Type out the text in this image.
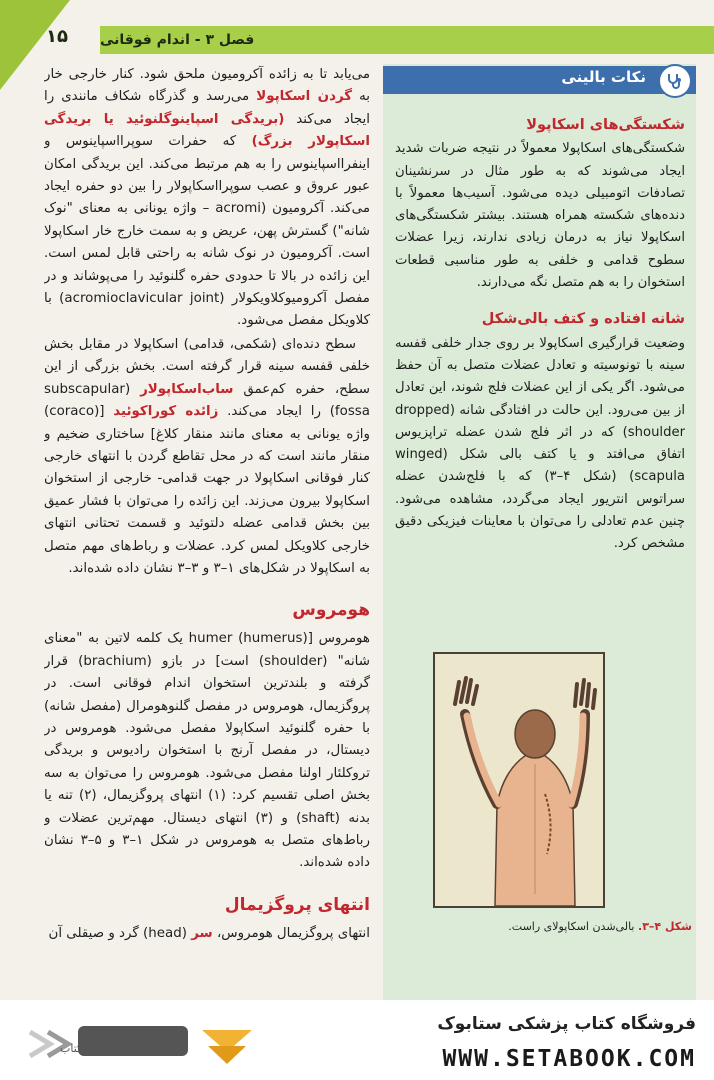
فصل ۳ - اندام فوقانی
۱۵

می‌یابد تا به زائده آکرومیون ملحق شود. کنار خارجی خار به گردن اسکاپولا می‌رسد و گذرگاه شکاف مانندی را ایجاد می‌کند (بریدگی اسپاینوگلنوئید یا بریدگی اسکاپولار بزرگ) که حفرات سوپرااسپاینوس و اینفرااسپاینوس را به هم مرتبط می‌کند. این بریدگی امکان عبور عروق و عصب سوپرااسکاپولار را بین دو حفره ایجاد می‌کند. آکرومیون (acromi – واژه یونانی به معنای "نوک شانه") گسترش پهن، عریض و به سمت خارج خار اسکاپولا است. آکرومیون در نوک شانه به راحتی قابل لمس است. این زائده در بالا تا حدودی حفره گلنوئید را می‌پوشاند و در مفصل آکرومیوکلاویکولار (acromioclavicular joint) با کلاویکل مفصل می‌شود.

سطح دنده‌ای (شکمی، قدامی) اسکاپولا در مقابل بخش خلفی قفسه سینه قرار گرفته است. بخش بزرگی از این سطح، حفره کم‌عمق ساب‌اسکاپولار (subscapular fossa) را ایجاد می‌کند. زائده کوراکوئید [(coraco) واژه یونانی به معنای مانند منقار کلاغ] ساختاری ضخیم و منقار مانند است که در محل تقاطع گردن با انتهای خارجی کنار فوقانی اسکاپولا در جهت قدامی- خارجی از استخوان اسکاپولا بیرون می‌زند. این زائده را می‌توان با فشار عمیق بین بخش قدامی عضله دلتوئید و قسمت تحتانی انتهای خارجی کلاویکل لمس کرد. عضلات و رباط‌های مهم متصل به اسکاپولا در شکل‌های ۱–۳ و ۳–۳ نشان داده شده‌اند.

هومروس

هومروس [humer (humerus) یک کلمه لاتین به "معنای شانه" (shoulder) است] در بازو (brachium) قرار گرفته و بلندترین استخوان اندام فوقانی است. در پروگزیمال، هومروس در مفصل گلنوهومرال (مفصل شانه) با حفره گلنوئید اسکاپولا مفصل می‌شود. هومروس در دیستال، در مفصل آرنج با استخوان رادیوس و بریدگی تروکلئار اولنا مفصل می‌شود. هومروس را می‌توان به سه بخش اصلی تقسیم کرد: (۱) انتهای پروگزیمال، (۲) تنه یا بدنه (shaft) و (۳) انتهای دیستال. مهم‌ترین عضلات و رباط‌های متصل به هومروس در شکل ۱–۳ و ۵–۳ نشان داده شده‌اند.

انتهای پروگزیمال

انتهای پروگزیمال هومروس، سر (head) گرد و صیقلی آن

نکات بالینی
شکستگی‌های اسکاپولا

شکستگی‌های اسکاپولا معمولاً در نتیجه ضربات شدید ایجاد می‌شوند که به طور مثال در سرنشینان تصادفات اتومبیلی دیده می‌شود. آسیب‌ها معمولاً با دنده‌های شکسته همراه هستند. بیشتر شکستگی‌های اسکاپولا نیاز به درمان زیادی ندارند، زیرا عضلات سطوح قدامی و خلفی به طور مناسبی قطعات استخوان را به هم متصل نگه می‌دارند.

شانه افتاده و کتف بالی‌شکل

وضعیت قرارگیری اسکاپولا بر روی جدار خلفی قفسه سینه با تونوسیته و تعادل عضلات متصل به آن حفظ می‌شود. اگر یکی از این عضلات فلج شوند، این تعادل از بین می‌رود. این حالت در افتادگی شانه (dropped shoulder) که در اثر فلج شدن عضله تراپزیوس اتفاق می‌افتد و یا کتف بالی شکل (winged scapula) (شکل ۴–۳) که با فلج‌شدن عضله سراتوس انتریور ایجاد می‌گردد، مشاهده می‌شود. چنین عدم تعادلی را می‌توان با معاینات فیزیکی دقیق مشخص کرد.

شکل ۴–۳. بالی‌شدن اسکاپولای راست.
فروشگاه اینترنتی کتاب
فروشگاه کتاب پزشکی ستابوک
WWW.SETABOOK.COM
